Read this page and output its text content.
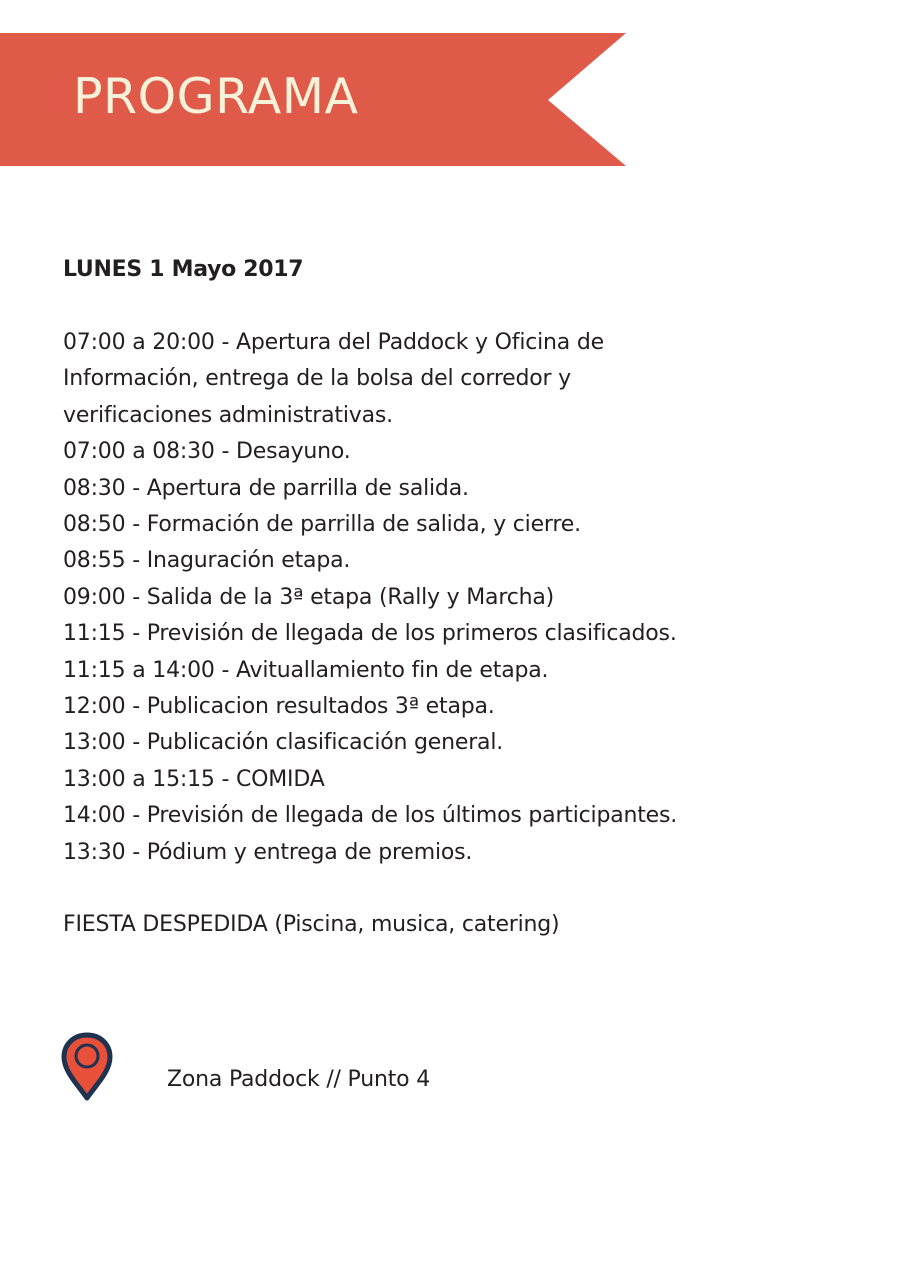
PROGRAMA
LUNES 1 Mayo 2017
07:00 a 20:00 - Apertura del Paddock y Oficina de
Información, entrega de la bolsa del corredor y
verificaciones administrativas.
07:00 a 08:30 - Desayuno.
08:30 - Apertura de parrilla de salida.
08:50 - Formación de parrilla de salida, y cierre.
08:55 - Inaguración etapa.
09:00 - Salida de la 3ª etapa (Rally y Marcha)
11:15 - Previsión de llegada de los primeros clasificados.
11:15 a 14:00 - Avituallamiento fin de etapa.
12:00 - Publicacion resultados 3ª etapa.
13:00 - Publicación clasificación general.
13:00 a 15:15 - COMIDA
14:00 - Previsión de llegada de los últimos participantes.
13:30 - Pódium y entrega de premios.
FIESTA DESPEDIDA (Piscina, musica, catering)
Zona Paddock // Punto 4
